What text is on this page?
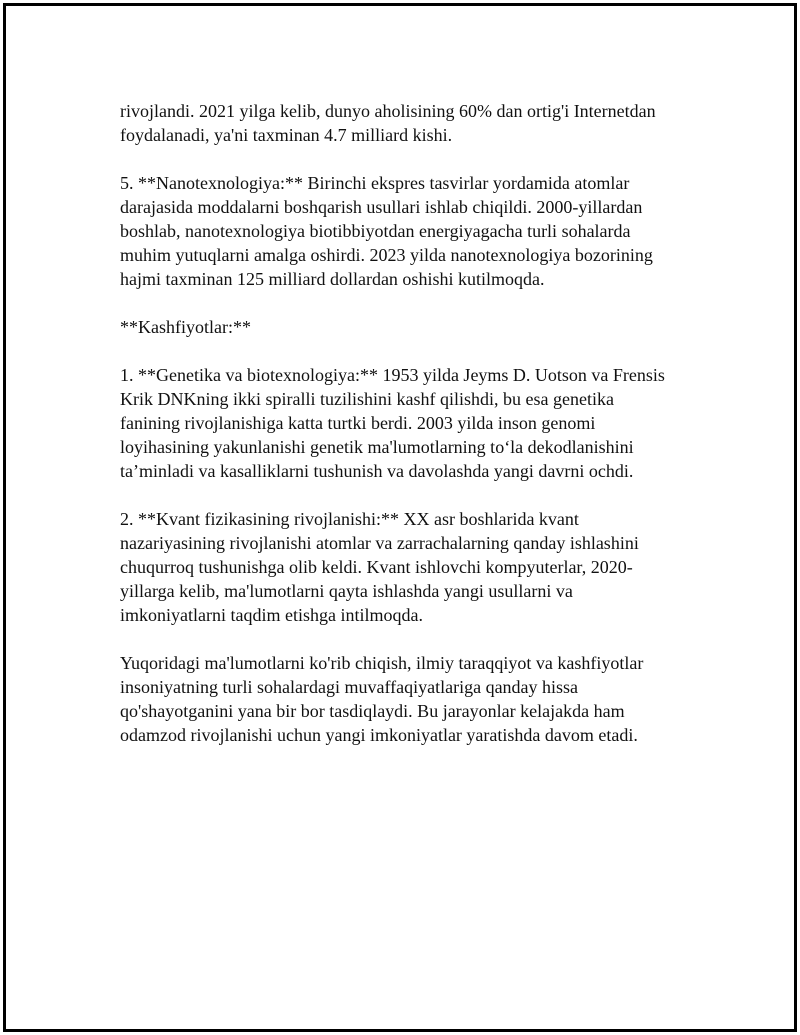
rivojlandi. 2021 yilga kelib, dunyo aholisining 60% dan ortig'i Internetdan
foydalanadi, ya'ni taxminan 4.7 milliard kishi.

5. **Nanotexnologiya:** Birinchi ekspres tasvirlar yordamida atomlar
darajasida moddalarni boshqarish usullari ishlab chiqildi. 2000-yillardan
boshlab, nanotexnologiya biotibbiyotdan energiyagacha turli sohalarda
muhim yutuqlarni amalga oshirdi. 2023 yilda nanotexnologiya bozorining
hajmi taxminan 125 milliard dollardan oshishi kutilmoqda.

**Kashfiyotlar:**

1. **Genetika va biotexnologiya:** 1953 yilda Jeyms D. Uotson va Frensis
Krik DNKning ikki spiralli tuzilishini kashf qilishdi, bu esa genetika
fanining rivojlanishiga katta turtki berdi. 2003 yilda inson genomi
loyihasining yakunlanishi genetik ma'lumotlarning to‘la dekodlanishini
ta’minladi va kasalliklarni tushunish va davolashda yangi davrni ochdi.

2. **Kvant fizikasining rivojlanishi:** XX asr boshlarida kvant
nazariyasining rivojlanishi atomlar va zarrachalarning qanday ishlashini
chuqurroq tushunishga olib keldi. Kvant ishlovchi kompyuterlar, 2020-
yillarga kelib, ma'lumotlarni qayta ishlashda yangi usullarni va
imkoniyatlarni taqdim etishga intilmoqda.

Yuqoridagi ma'lumotlarni ko'rib chiqish, ilmiy taraqqiyot va kashfiyotlar
insoniyatning turli sohalardagi muvaffaqiyatlariga qanday hissa
qo'shayotganini yana bir bor tasdiqlaydi. Bu jarayonlar kelajakda ham
odamzod rivojlanishi uchun yangi imkoniyatlar yaratishda davom etadi.
